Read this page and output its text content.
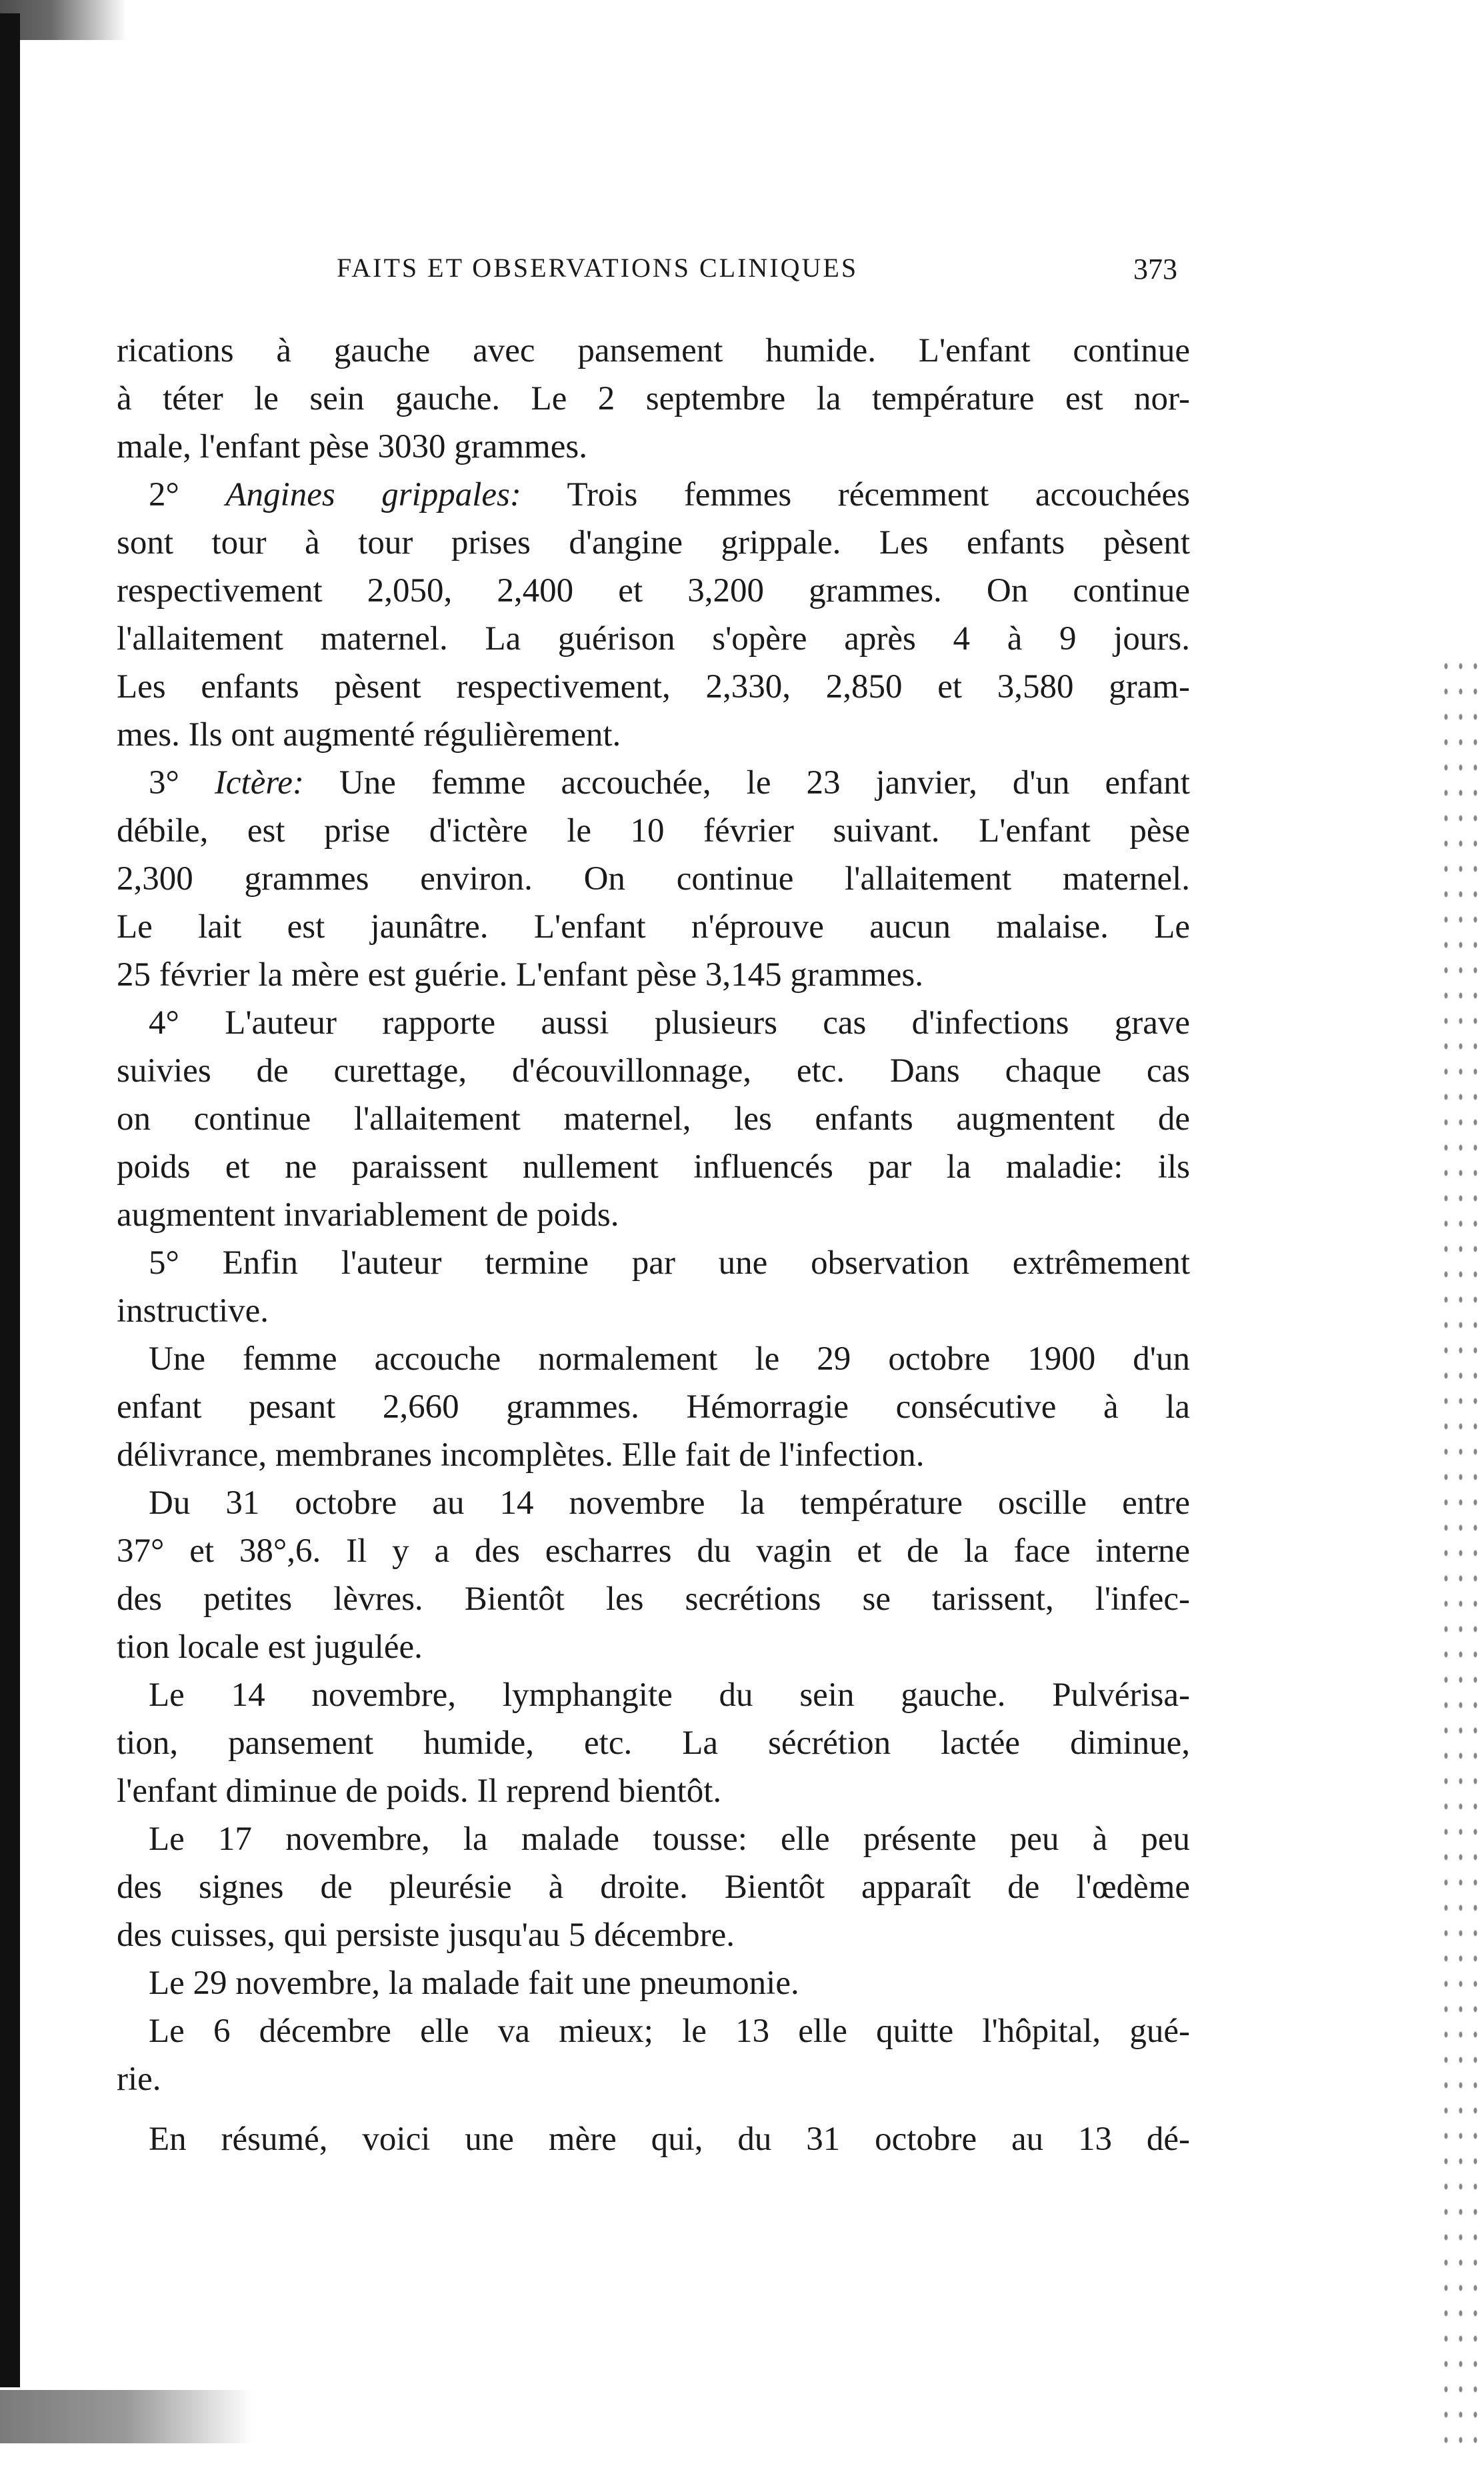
FAITS ET OBSERVATIONS CLINIQUES	373
rications à gauche avec pansement humide. L'enfant continue
à téter le sein gauche. Le 2 septembre la température est nor-
male, l'enfant pèse 3030 grammes.
2° Angines grippales: Trois femmes récemment accouchées
sont tour à tour prises d'angine grippale. Les enfants pèsent
respectivement 2,050, 2,400 et 3,200 grammes. On continue
l'allaitement maternel. La guérison s'opère après 4 à 9 jours.
Les enfants pèsent respectivement, 2,330, 2,850 et 3,580 gram-
mes. Ils ont augmenté régulièrement.
3° Ictère: Une femme accouchée, le 23 janvier, d'un enfant
débile, est prise d'ictère le 10 février suivant. L'enfant pèse
2,300 grammes environ. On continue l'allaitement maternel.
Le lait est jaunâtre. L'enfant n'éprouve aucun malaise. Le
25 février la mère est guérie. L'enfant pèse 3,145 grammes.
4° L'auteur rapporte aussi plusieurs cas d'infections grave
suivies de curettage, d'écouvillonnage, etc. Dans chaque cas
on continue l'allaitement maternel, les enfants augmentent de
poids et ne paraissent nullement influencés par la maladie: ils
augmentent invariablement de poids.
5° Enfin l'auteur termine par une observation extrêmement
instructive.
Une femme accouche normalement le 29 octobre 1900 d'un
enfant pesant 2,660 grammes. Hémorragie consécutive à la
délivrance, membranes incomplètes. Elle fait de l'infection.
Du 31 octobre au 14 novembre la température oscille entre
37° et 38°,6. Il y a des escharres du vagin et de la face interne
des petites lèvres. Bientôt les secrétions se tarissent, l'infec-
tion locale est jugulée.
Le 14 novembre, lymphangite du sein gauche. Pulvérisa-
tion, pansement humide, etc. La sécrétion lactée diminue,
l'enfant diminue de poids. Il reprend bientôt.
Le 17 novembre, la malade tousse: elle présente peu à peu
des signes de pleurésie à droite. Bientôt apparaît de l'œdème
des cuisses, qui persiste jusqu'au 5 décembre.
Le 29 novembre, la malade fait une pneumonie.
Le 6 décembre elle va mieux; le 13 elle quitte l'hôpital, gué-
rie.
En résumé, voici une mère qui, du 31 octobre au 13 dé-
